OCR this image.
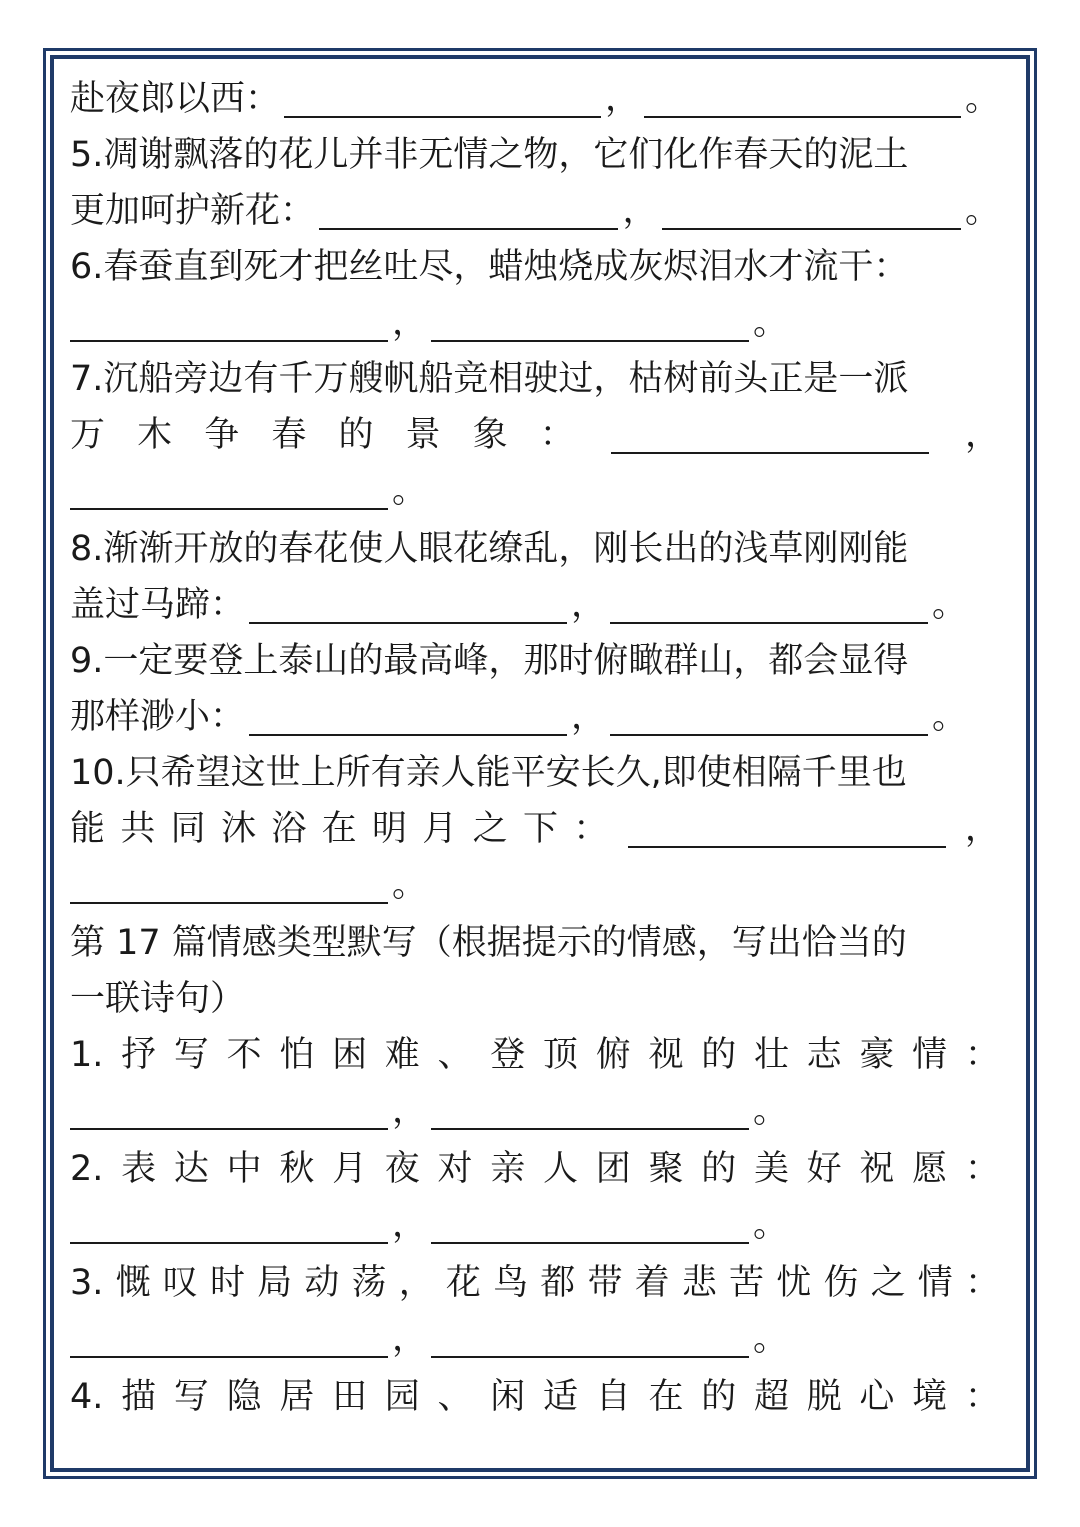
赴夜郎以西：	，	。
5.凋谢飘落的花儿并非无情之物，它们化作春天的泥土
更加呵护新花：	，	。
6.春蚕直到死才把丝吐尽，蜡烛烧成灰烬泪水才流干：
，	。
7.沉船旁边有千万艘帆船竞相驶过，枯树前头正是一派
万 木 争 春 的 景 象 ：	，
。
8.渐渐开放的春花使人眼花缭乱，刚长出的浅草刚刚能
盖过马蹄：	，	。
9.一定要登上泰山的最高峰，那时俯瞰群山，都会显得
那样渺小：	，	。
10.只希望这世上所有亲人能平安长久,即使相隔千里也
能 共 同 沐 浴 在 明 月 之 下 ：	，
。
第 17 篇情感类型默写（根据提示的情感，写出恰当的
一联诗句）
1. 抒 写 不 怕 困 难 、 登 顶 俯 视 的 壮 志 豪 情 ：
，	。
2. 表 达 中 秋 月 夜 对 亲 人 团 聚 的 美 好 祝 愿 ：
，	。
3. 慨 叹 时 局 动 荡 ， 花 鸟 都 带 着 悲 苦 忧 伤 之 情 ：
，	。
4. 描 写 隐 居 田 园 、 闲 适 自 在 的 超 脱 心 境 ：
